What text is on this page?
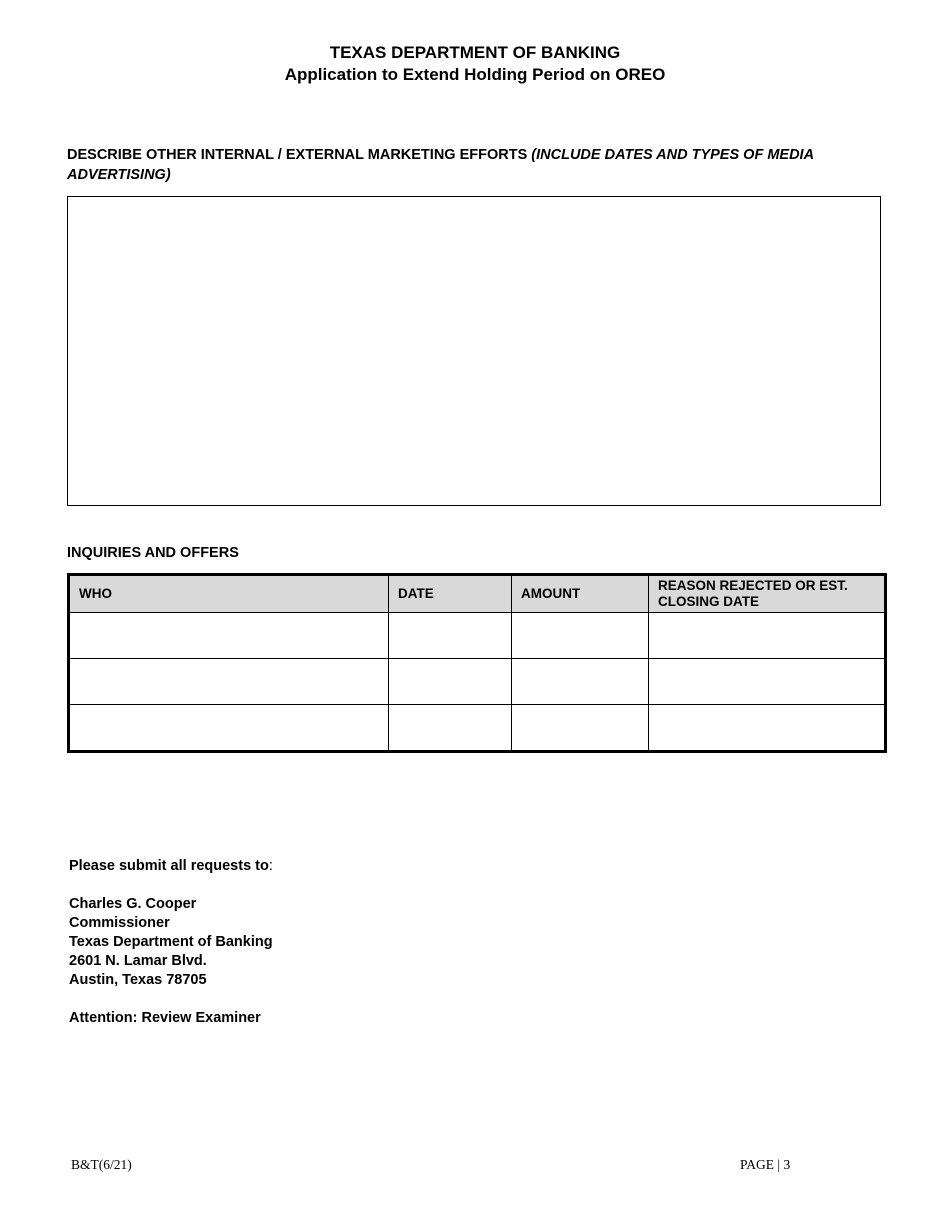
TEXAS DEPARTMENT OF BANKING
Application to Extend Holding Period on OREO
DESCRIBE OTHER INTERNAL / EXTERNAL MARKETING EFFORTS (INCLUDE DATES AND TYPES OF MEDIA ADVERTISING)
INQUIRIES AND OFFERS
WHO	DATE	AMOUNT	REASON REJECTED OR EST. CLOSING DATE

Please submit all requests to:
Charles G. Cooper
Commissioner
Texas Department of Banking
2601 N. Lamar Blvd.
Austin, Texas 78705
Attention: Review Examiner
B&T(6/21)	PAGE | 3
